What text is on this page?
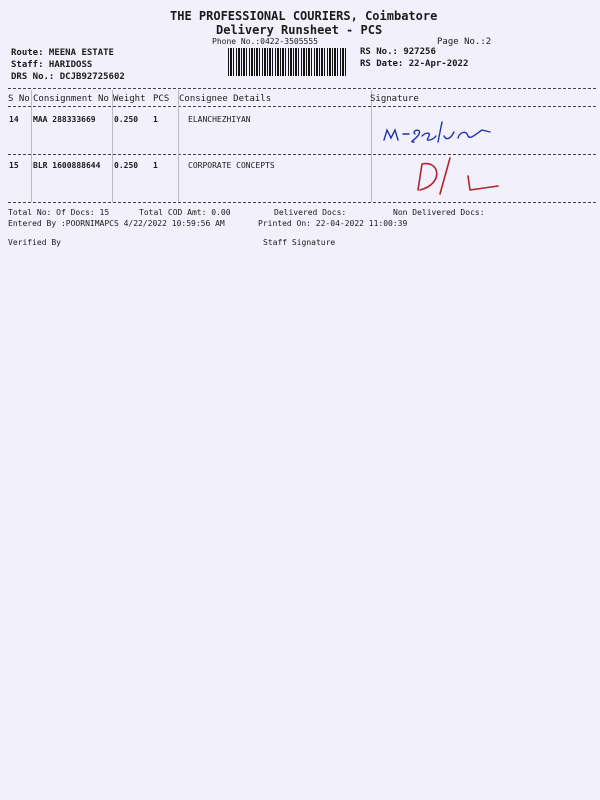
THE PROFESSIONAL COURIERS, Coimbatore
Delivery Runsheet - PCS
Phone No.:0422-3505555	Page No.:2
Route: MEENA ESTATE
Staff: HARIDOSS
DRS No.: DCJB92725602
RS No.: 927256
RS Date: 22-Apr-2022
S No Consignment No Weight PCS Consignee Details	Signature
14 MAA 288333669 0.250 1	ELANCHEZHIYAN
15 BLR 1600888644 0.250 1	CORPORATE CONCEPTS
Total No: Of Docs: 15	Total COD Amt: 0.00	Delivered Docs:	Non Delivered Docs:
Entered By :POORNIMAPCS 4/22/2022 10:59:56 AM	Printed On: 22-04-2022 11:00:39
Verified By	Staff Signature
